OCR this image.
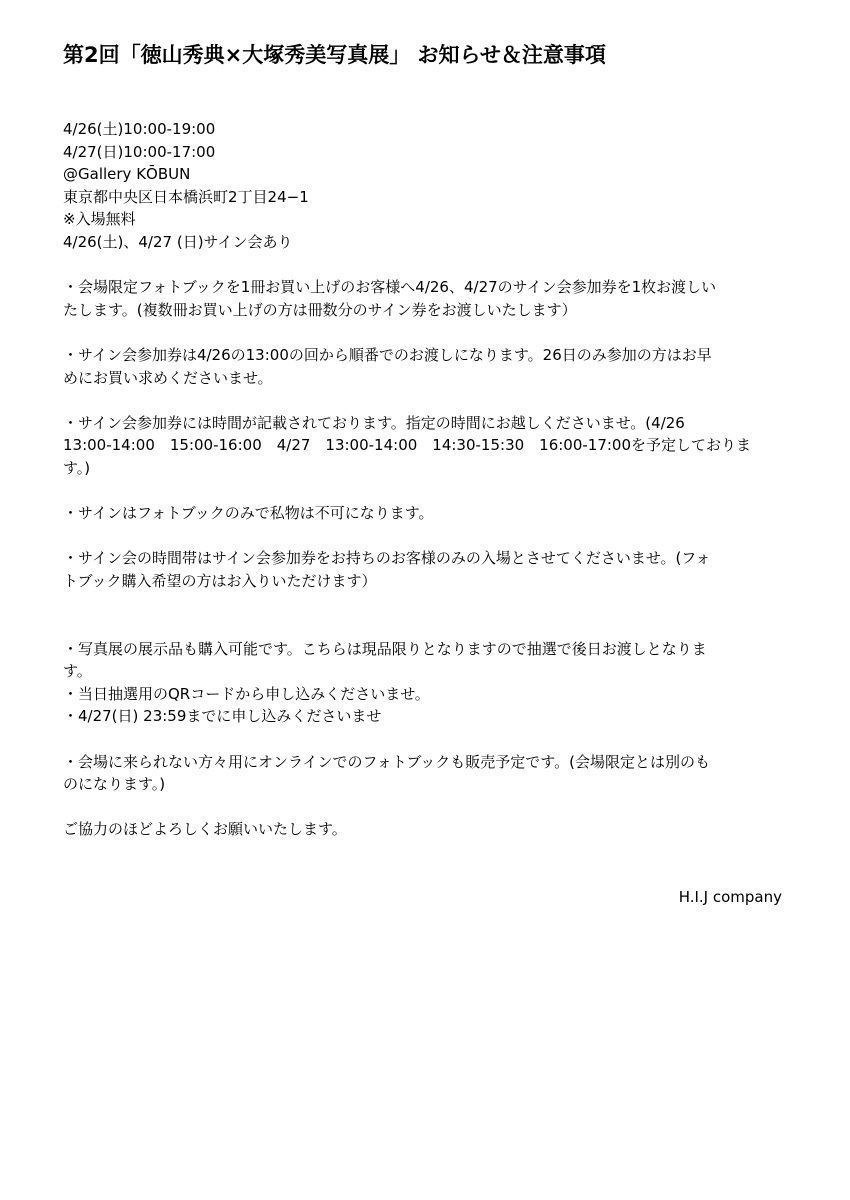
第2回「徳山秀典×大塚秀美写真展」 お知らせ＆注意事項
4/26(土)10:00-19:00
4/27(日)10:00-17:00
@Gallery KŌBUN
東京都中央区日本橋浜町2丁目24−1
※入場無料
4/26(土)、4/27 (日)サイン会あり
・会場限定フォトブックを1冊お買い上げのお客様へ4/26、4/27のサイン会参加券を1枚お渡しい
たします。(複数冊お買い上げの方は冊数分のサイン券をお渡しいたします）
・サイン会参加券は4/26の13:00の回から順番でのお渡しになります。26日のみ参加の方はお早
めにお買い求めくださいませ。
・サイン会参加券には時間が記載されております。指定の時間にお越しくださいませ。(4/26
13:00-14:00　15:00-16:00　4/27　13:00-14:00　14:30-15:30　16:00-17:00を予定しておりま
す。)
・サインはフォトブックのみで私物は不可になります。
・サイン会の時間帯はサイン会参加券をお持ちのお客様のみの入場とさせてくださいませ。(フォ
トブック購入希望の方はお入りいただけます）
・写真展の展示品も購入可能です。こちらは現品限りとなりますので抽選で後日お渡しとなりま
す。
・当日抽選用のQRコードから申し込みくださいませ。
・4/27(日) 23:59までに申し込みくださいませ
・会場に来られない方々用にオンラインでのフォトブックも販売予定です。(会場限定とは別のも
のになります。)
ご協力のほどよろしくお願いいたします。
H.I.J company
